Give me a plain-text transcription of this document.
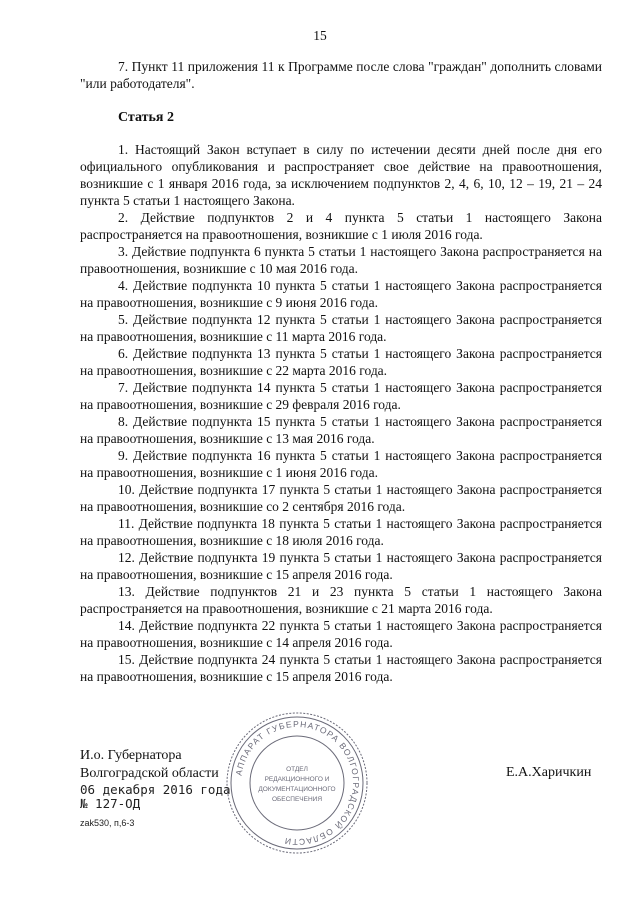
15
7. Пункт 11 приложения 11 к Программе после слова "граждан" дополнить словами "или работодателя".
Статья 2
1. Настоящий Закон вступает в силу по истечении десяти дней после дня его официального опубликования и распространяет свое действие на правоотношения, возникшие с 1 января 2016 года, за исключением подпунктов 2, 4, 6, 10, 12 – 19, 21 – 24 пункта 5 статьи 1 настоящего Закона.
2. Действие подпунктов 2 и 4 пункта 5 статьи 1 настоящего Закона распространяется на правоотношения, возникшие с 1 июля 2016 года.
3. Действие подпункта 6 пункта 5 статьи 1 настоящего Закона распространяется на правоотношения, возникшие с 10 мая 2016 года.
4. Действие подпункта 10 пункта 5 статьи 1 настоящего Закона распространяется на правоотношения, возникшие с 9 июня 2016 года.
5. Действие подпункта 12 пункта 5 статьи 1 настоящего Закона распространяется на правоотношения, возникшие с 11 марта 2016 года.
6. Действие подпункта 13 пункта 5 статьи 1 настоящего Закона распространяется на правоотношения, возникшие с 22 марта 2016 года.
7. Действие подпункта 14 пункта 5 статьи 1 настоящего Закона распространяется на правоотношения, возникшие с 29 февраля 2016 года.
8. Действие подпункта 15 пункта 5 статьи 1 настоящего Закона распространяется на правоотношения, возникшие с 13 мая 2016 года.
9. Действие подпункта 16 пункта 5 статьи 1 настоящего Закона распространяется на правоотношения, возникшие с 1 июня 2016 года.
10. Действие подпункта 17 пункта 5 статьи 1 настоящего Закона распространяется на правоотношения, возникшие со 2 сентября 2016 года.
11. Действие подпункта 18 пункта 5 статьи 1 настоящего Закона распространяется на правоотношения, возникшие с 18 июля 2016 года.
12. Действие подпункта 19 пункта 5 статьи 1 настоящего Закона распространяется на правоотношения, возникшие с 15 апреля 2016 года.
13. Действие подпунктов 21 и 23 пункта 5 статьи 1 настоящего Закона распространяется на правоотношения, возникшие с 21 марта 2016 года.
14. Действие подпункта 22 пункта 5 статьи 1 настоящего Закона распространяется на правоотношения, возникшие с 14 апреля 2016 года.
15. Действие подпункта 24 пункта 5 статьи 1 настоящего Закона распространяется на правоотношения, возникшие с 15 апреля 2016 года.
АППАРАТ ГУБЕРНАТОРА ВОЛГОГРАДСКОЙ ОБЛАСТИ
ОТДЕЛ
РЕДАКЦИОННОГО И
ДОКУМЕНТАЦИОННОГО
ОБЕСПЕЧЕНИЯ
И.о. Губернатора
Волгоградской области
06 декабря 2016 года
№ 127-ОД
Е.А.Харичкин
zak530, п,6-3
